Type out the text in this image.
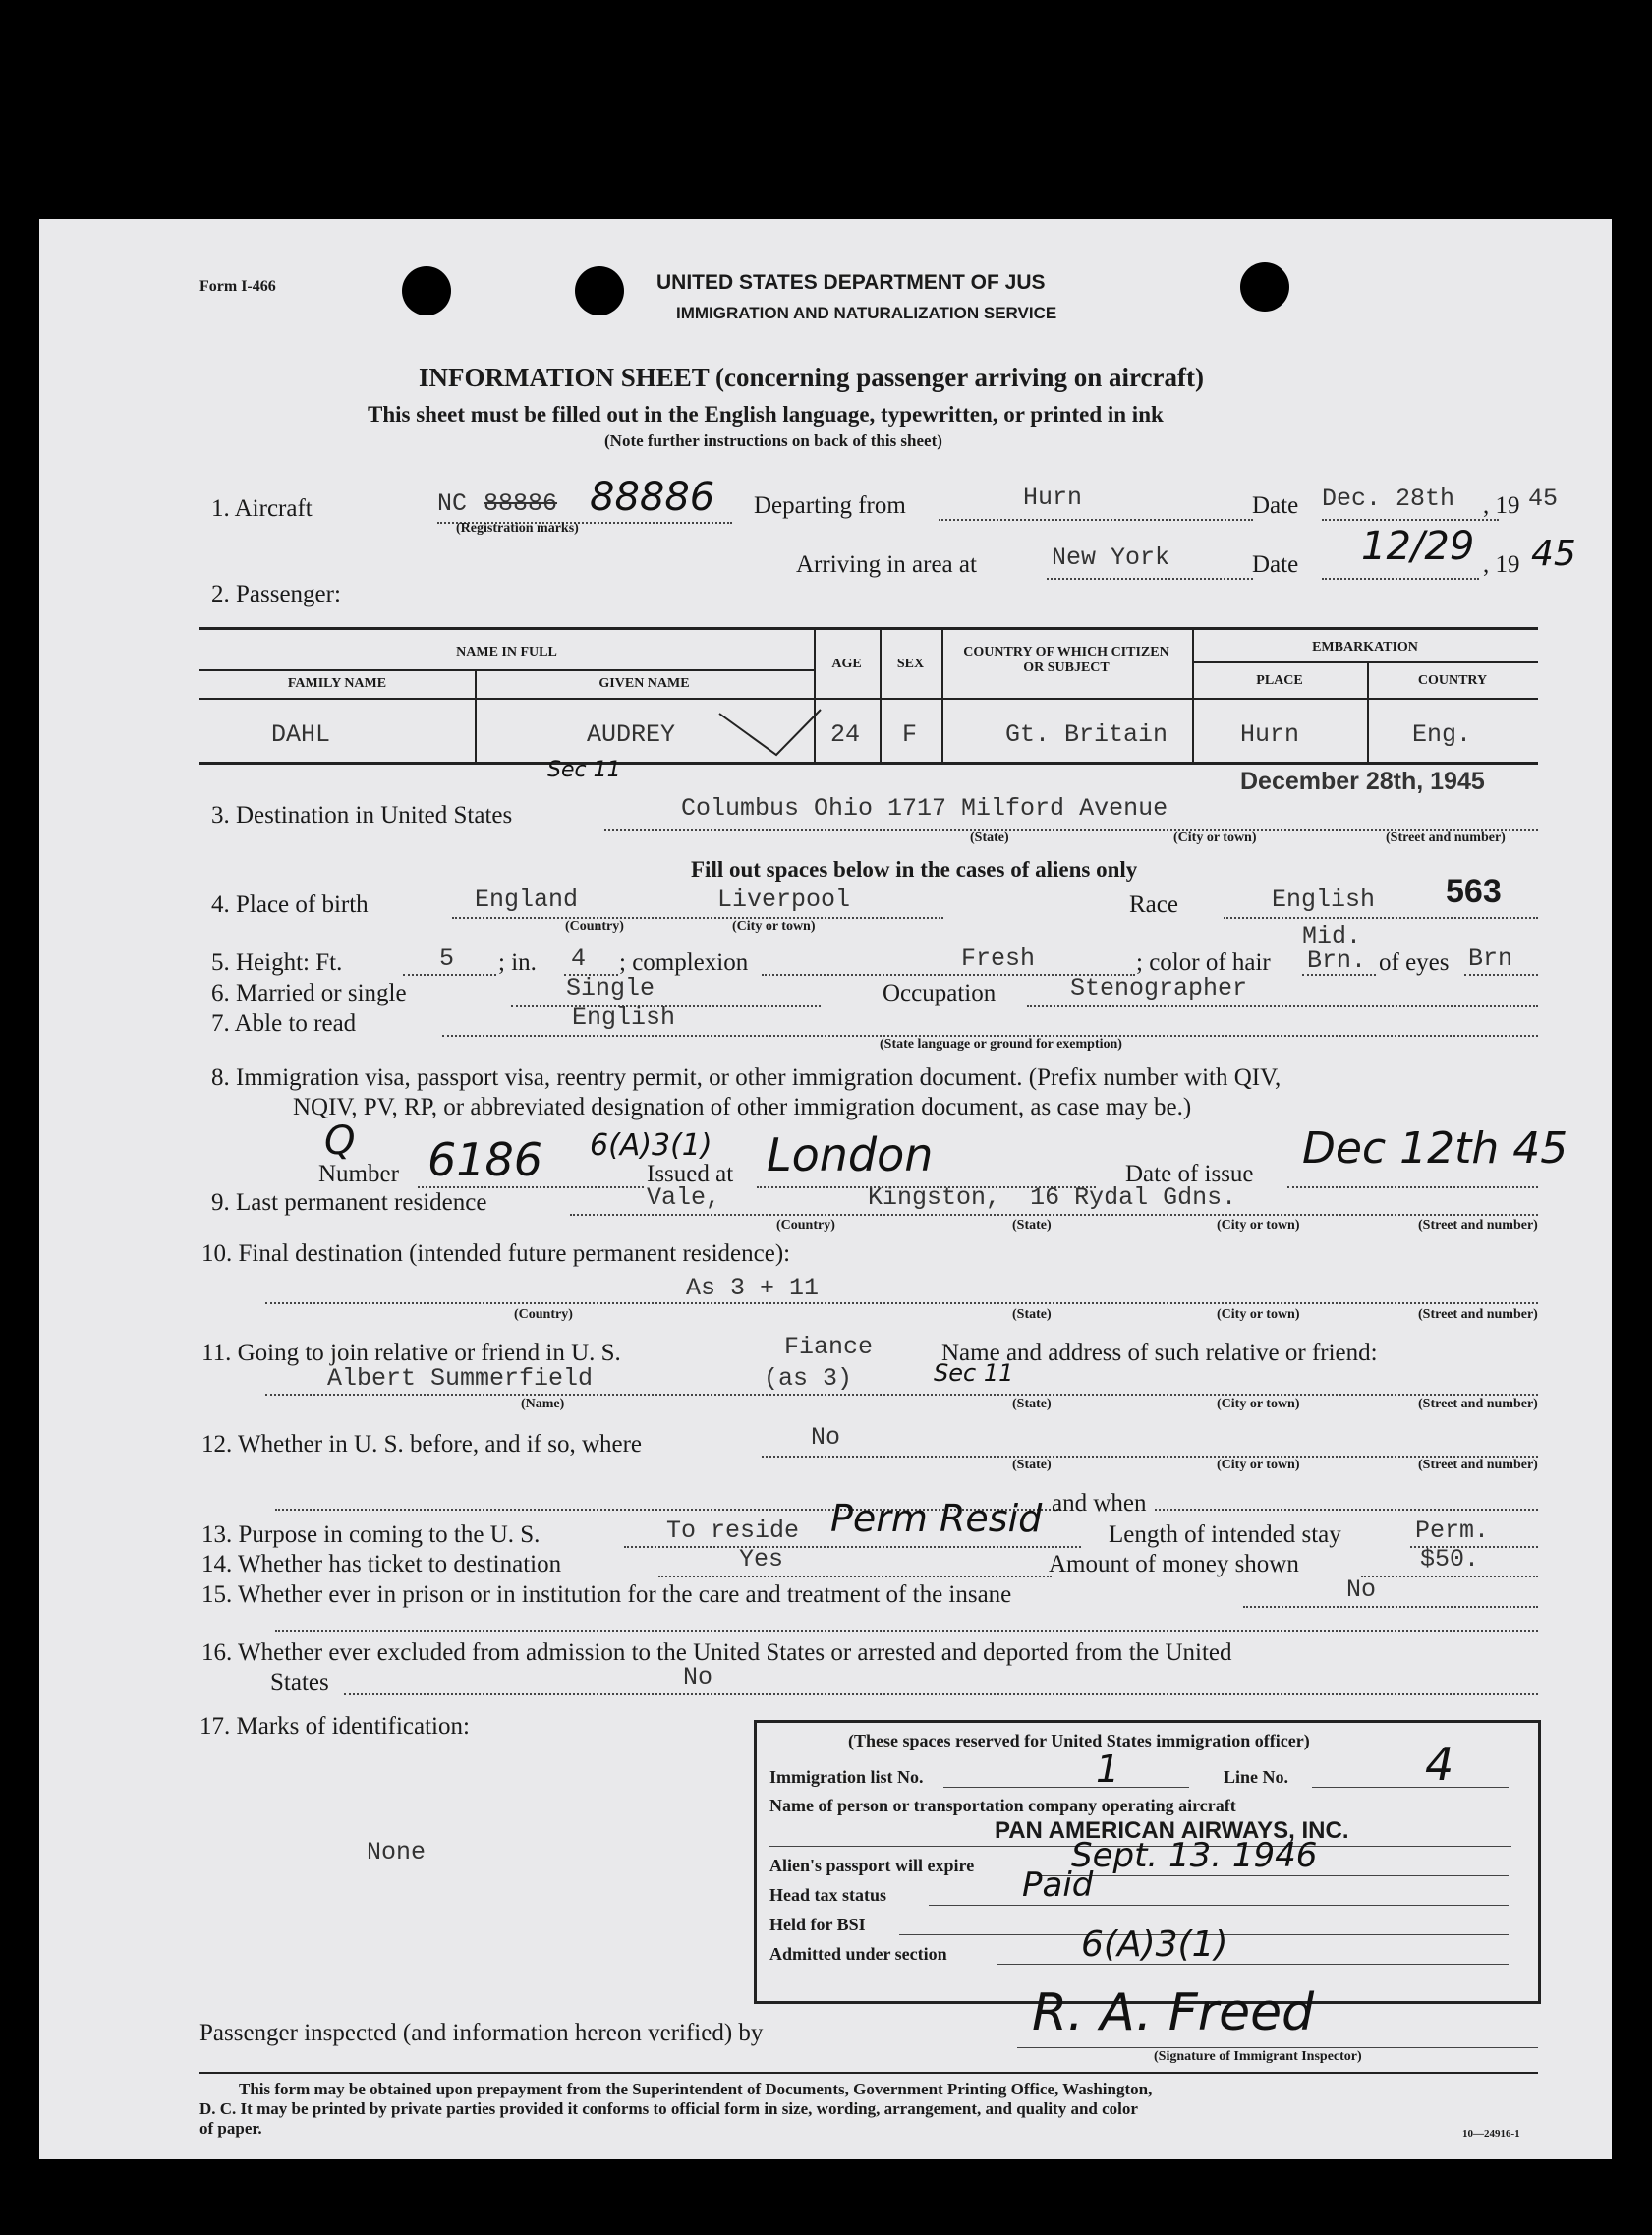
Form I-466	UNITED STATES DEPARTMENT OF JUS
IMMIGRATION AND NATURALIZATION SERVICE
INFORMATION SHEET (concerning passenger arriving on aircraft)
This sheet must be filled out in the English language, typewritten, or printed in ink
(Note further instructions on back of this sheet)
1. Aircraft	NC 88886 88886
(Registration marks)
Departing from	Hurn	Date Dec. 28th , 19 45
Arriving in area at	New York	Date 12/29 , 19 45
2. Passenger:
NAME IN FULL
FAMILY NAME	GIVEN NAME
AGE	SEX
COUNTRY OF WHICH CITIZEN OR SUBJECT
EMBARKATION
PLACE	COUNTRY
DAHL	AUDREY	24 F	Gt. Britain	Hurn	Eng.
Sec 11	December 28th, 1945
3. Destination in United States	Columbus Ohio 1717 Milford Avenue
(State)	(City or town)	(Street and number)
Fill out spaces below in the cases of aliens only
4. Place of birth	England	Liverpool
(Country)	(City or town)
Race	English 563
5. Height: Ft.	5 ; in. 4 ; complexion	Fresh	; color of hair
Mid.
Brn. of eyes Brn
6. Married or single	Single	Occupation	Stenographer
7. Able to read	English
(State language or ground for exemption)
8. Immigration visa, passport visa, reentry permit, or other immigration document. (Prefix number with QIV,
NQIV, PV, RP, or abbreviated designation of other immigration document, as case may be.)
Q
Number 6186 6(A)3(1)
Issued at London	Date of issue
Dec 12th 45
9. Last permanent residence	Vale,          Kingston,  16 Rydal Gdns.
(Country)	(State)	(City or town)	(Street and number)
10. Final destination (intended future permanent residence):
As 3 + 11
(Country)	(State)	(City or town)	(Street and number)
11. Going to join relative or friend in U. S.	Fiance	Name and address of such relative or friend:
Albert Summerfield	(as 3)	Sec 11
(Name)	(State)	(City or town)	(Street and number)
12. Whether in U. S. before, and if so, where	No
(State)	(City or town)	(Street and number)
and when
13. Purpose in coming to the U. S.	To reside Perm Resid	Length of intended stay	Perm.
14. Whether has ticket to destination	Yes	Amount of money shown	$50.
15. Whether ever in prison or in institution for the care and treatment of the insane	No
16. Whether ever excluded from admission to the United States or arrested and deported from the United
States	No
17. Marks of identification:
None
(These spaces reserved for United States immigration officer)
Immigration list No.	1	Line No.	4
Name of person or transportation company operating aircraft
PAN AMERICAN AIRWAYS, INC.
Alien's passport will expire	Sept. 13. 1946
Head tax status	Paid
Held for BSI
Admitted under section	6(A)3(1)
Passenger inspected (and information hereon verified) by	R. A. Freed
(Signature of Immigrant Inspector)
This form may be obtained upon prepayment from the Superintendent of Documents, Government Printing Office, Washington,
D. C. It may be printed by private parties provided it conforms to official form in size, wording, arrangement, and quality and color
of paper.	10—24916-1
